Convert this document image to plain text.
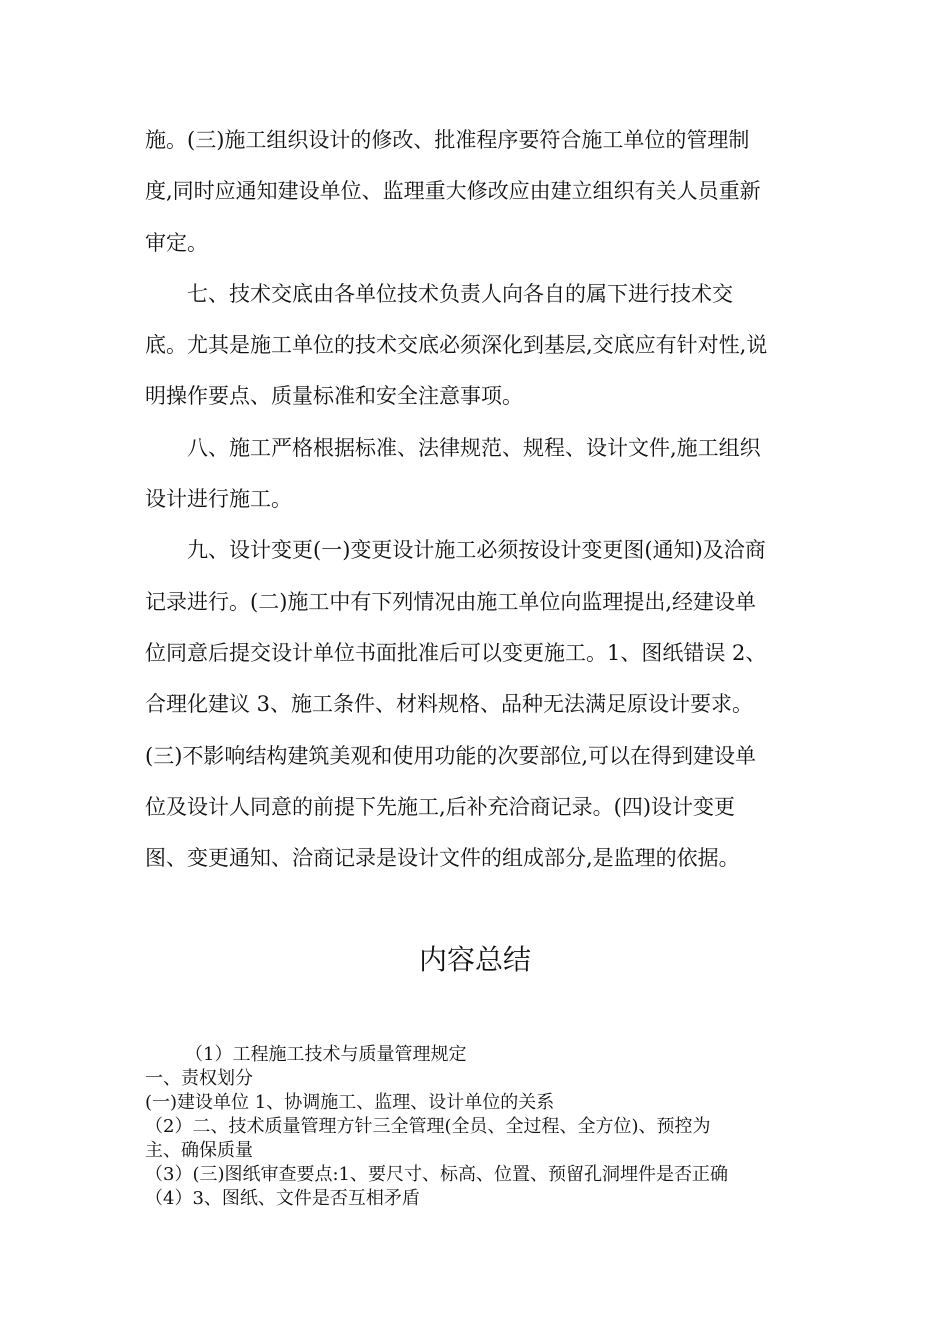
施。(三)施工组织设计的修改、批准程序要符合施工单位的管理制
度,同时应通知建设单位、监理重大修改应由建立组织有关人员重新
审定。

七、技术交底由各单位技术负责人向各自的属下进行技术交
底。尤其是施工单位的技术交底必须深化到基层,交底应有针对性,说
明操作要点、质量标准和安全注意事项。

八、施工严格根据标准、法律规范、规程、设计文件,施工组织
设计进行施工。

九、设计变更(一)变更设计施工必须按设计变更图(通知)及洽商
记录进行。(二)施工中有下列情况由施工单位向监理提出,经建设单
位同意后提交设计单位书面批准后可以变更施工。1、图纸错误 2、
合理化建议 3、施工条件、材料规格、品种无法满足原设计要求。
(三)不影响结构建筑美观和使用功能的次要部位,可以在得到建设单
位及设计人同意的前提下先施工,后补充洽商记录。(四)设计变更
图、变更通知、洽商记录是设计文件的组成部分,是监理的依据。

内容总结
（1）工程施工技术与质量管理规定
一、责权划分
(一)建设单位 1、协调施工、监理、设计单位的关系
（2）二、技术质量管理方针三全管理(全员、全过程、全方位)、预控为
主、确保质量
（3）(三)图纸审查要点:1、要尺寸、标高、位置、预留孔洞埋件是否正确
（4）3、图纸、文件是否互相矛盾
